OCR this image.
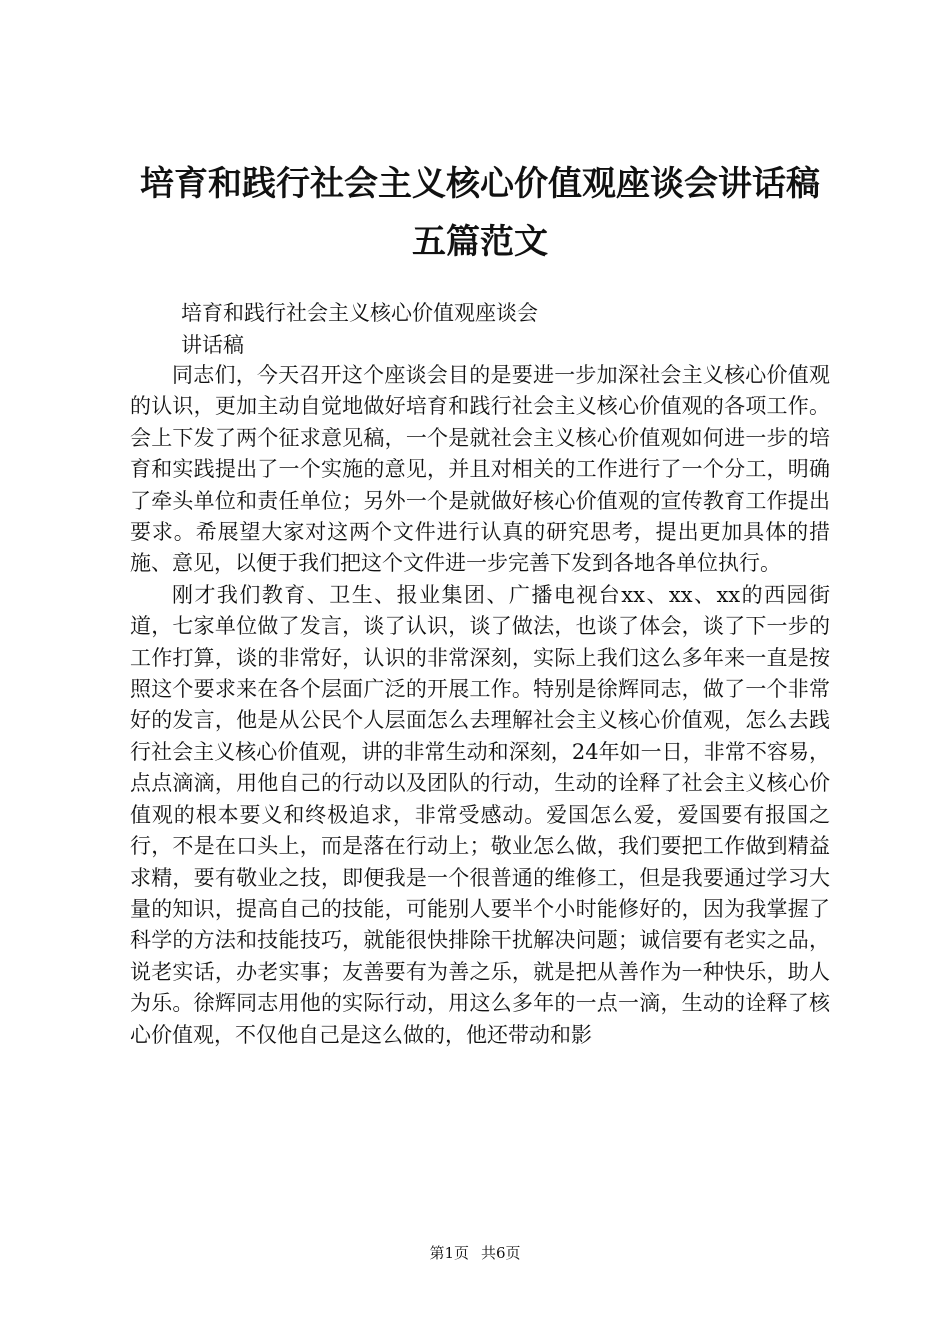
培育和践行社会主义核心价值观座谈会讲话稿
五篇范文

培育和践行社会主义核心价值观座谈会

讲话稿

同志们，今天召开这个座谈会目的是要进一步加深社会主义核心价值观的认识，更加主动自觉地做好培育和践行社会主义核心价值观的各项工作。会上下发了两个征求意见稿，一个是就社会主义核心价值观如何进一步的培育和实践提出了一个实施的意见，并且对相关的工作进行了一个分工，明确了牵头单位和责任单位；另外一个是就做好核心价值观的宣传教育工作提出要求。希展望大家对这两个文件进行认真的研究思考，提出更加具体的措施、意见，以便于我们把这个文件进一步完善下发到各地各单位执行。

刚才我们教育、卫生、报业集团、广播电视台xx、xx、xx的西园街道，七家单位做了发言，谈了认识，谈了做法，也谈了体会，谈了下一步的工作打算，谈的非常好，认识的非常深刻，实际上我们这么多年来一直是按照这个要求来在各个层面广泛的开展工作。特别是徐辉同志，做了一个非常好的发言，他是从公民个人层面怎么去理解社会主义核心价值观，怎么去践行社会主义核心价值观，讲的非常生动和深刻，24年如一日，非常不容易，点点滴滴，用他自己的行动以及团队的行动，生动的诠释了社会主义核心价值观的根本要义和终极追求，非常受感动。爱国怎么爱，爱国要有报国之行，不是在口头上，而是落在行动上；敬业怎么做，我们要把工作做到精益求精，要有敬业之技，即便我是一个很普通的维修工，但是我要通过学习大量的知识，提高自己的技能，可能别人要半个小时能修好的，因为我掌握了科学的方法和技能技巧，就能很快排除干扰解决问题；诚信要有老实之品，说老实话，办老实事；友善要有为善之乐，就是把从善作为一种快乐，助人为乐。徐辉同志用他的实际行动，用这么多年的一点一滴，生动的诠释了核心价值观，不仅他自己是这么做的，他还带动和影

第1页 共6页
